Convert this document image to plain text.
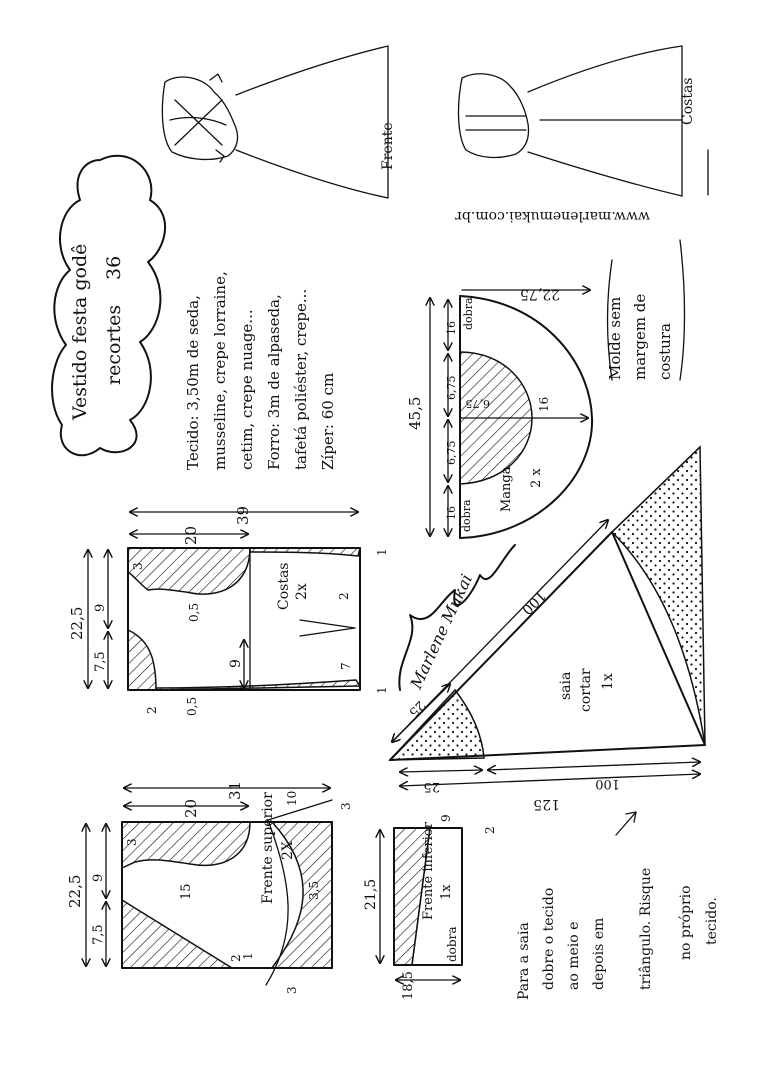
Frente
Costas
www.marlenemukai.com.br
Vestido festa godê recortes
36
Tecido: 3,50m de seda, musseline, crepe lorraine, cetim, crepe nuage... Forro: 3m de alpaseda, tafetá poliéster, crepe... Zíper: 60 cm	45,5
22,75
16
6,75
6,75
16
6,75	16
dobra
dobra
Manga 2 x
Molde sem margem de costura
39
20
22,5 9
7,5
3
0,5
2
9	7
0,5
2
1
1
Costas 2x
31
20
22,5 9
7,5
3
15
10
3
3,5
1
2
3
Frente superior 2X
21,5
18,5
9
2
Frente inferior 1x
dobra
100
25
125
25	100
saia cortar 1x
Marlene Mukai
Para a saia dobre o tecido ao meio e depois em triângulo. Risque no próprio tecido.
